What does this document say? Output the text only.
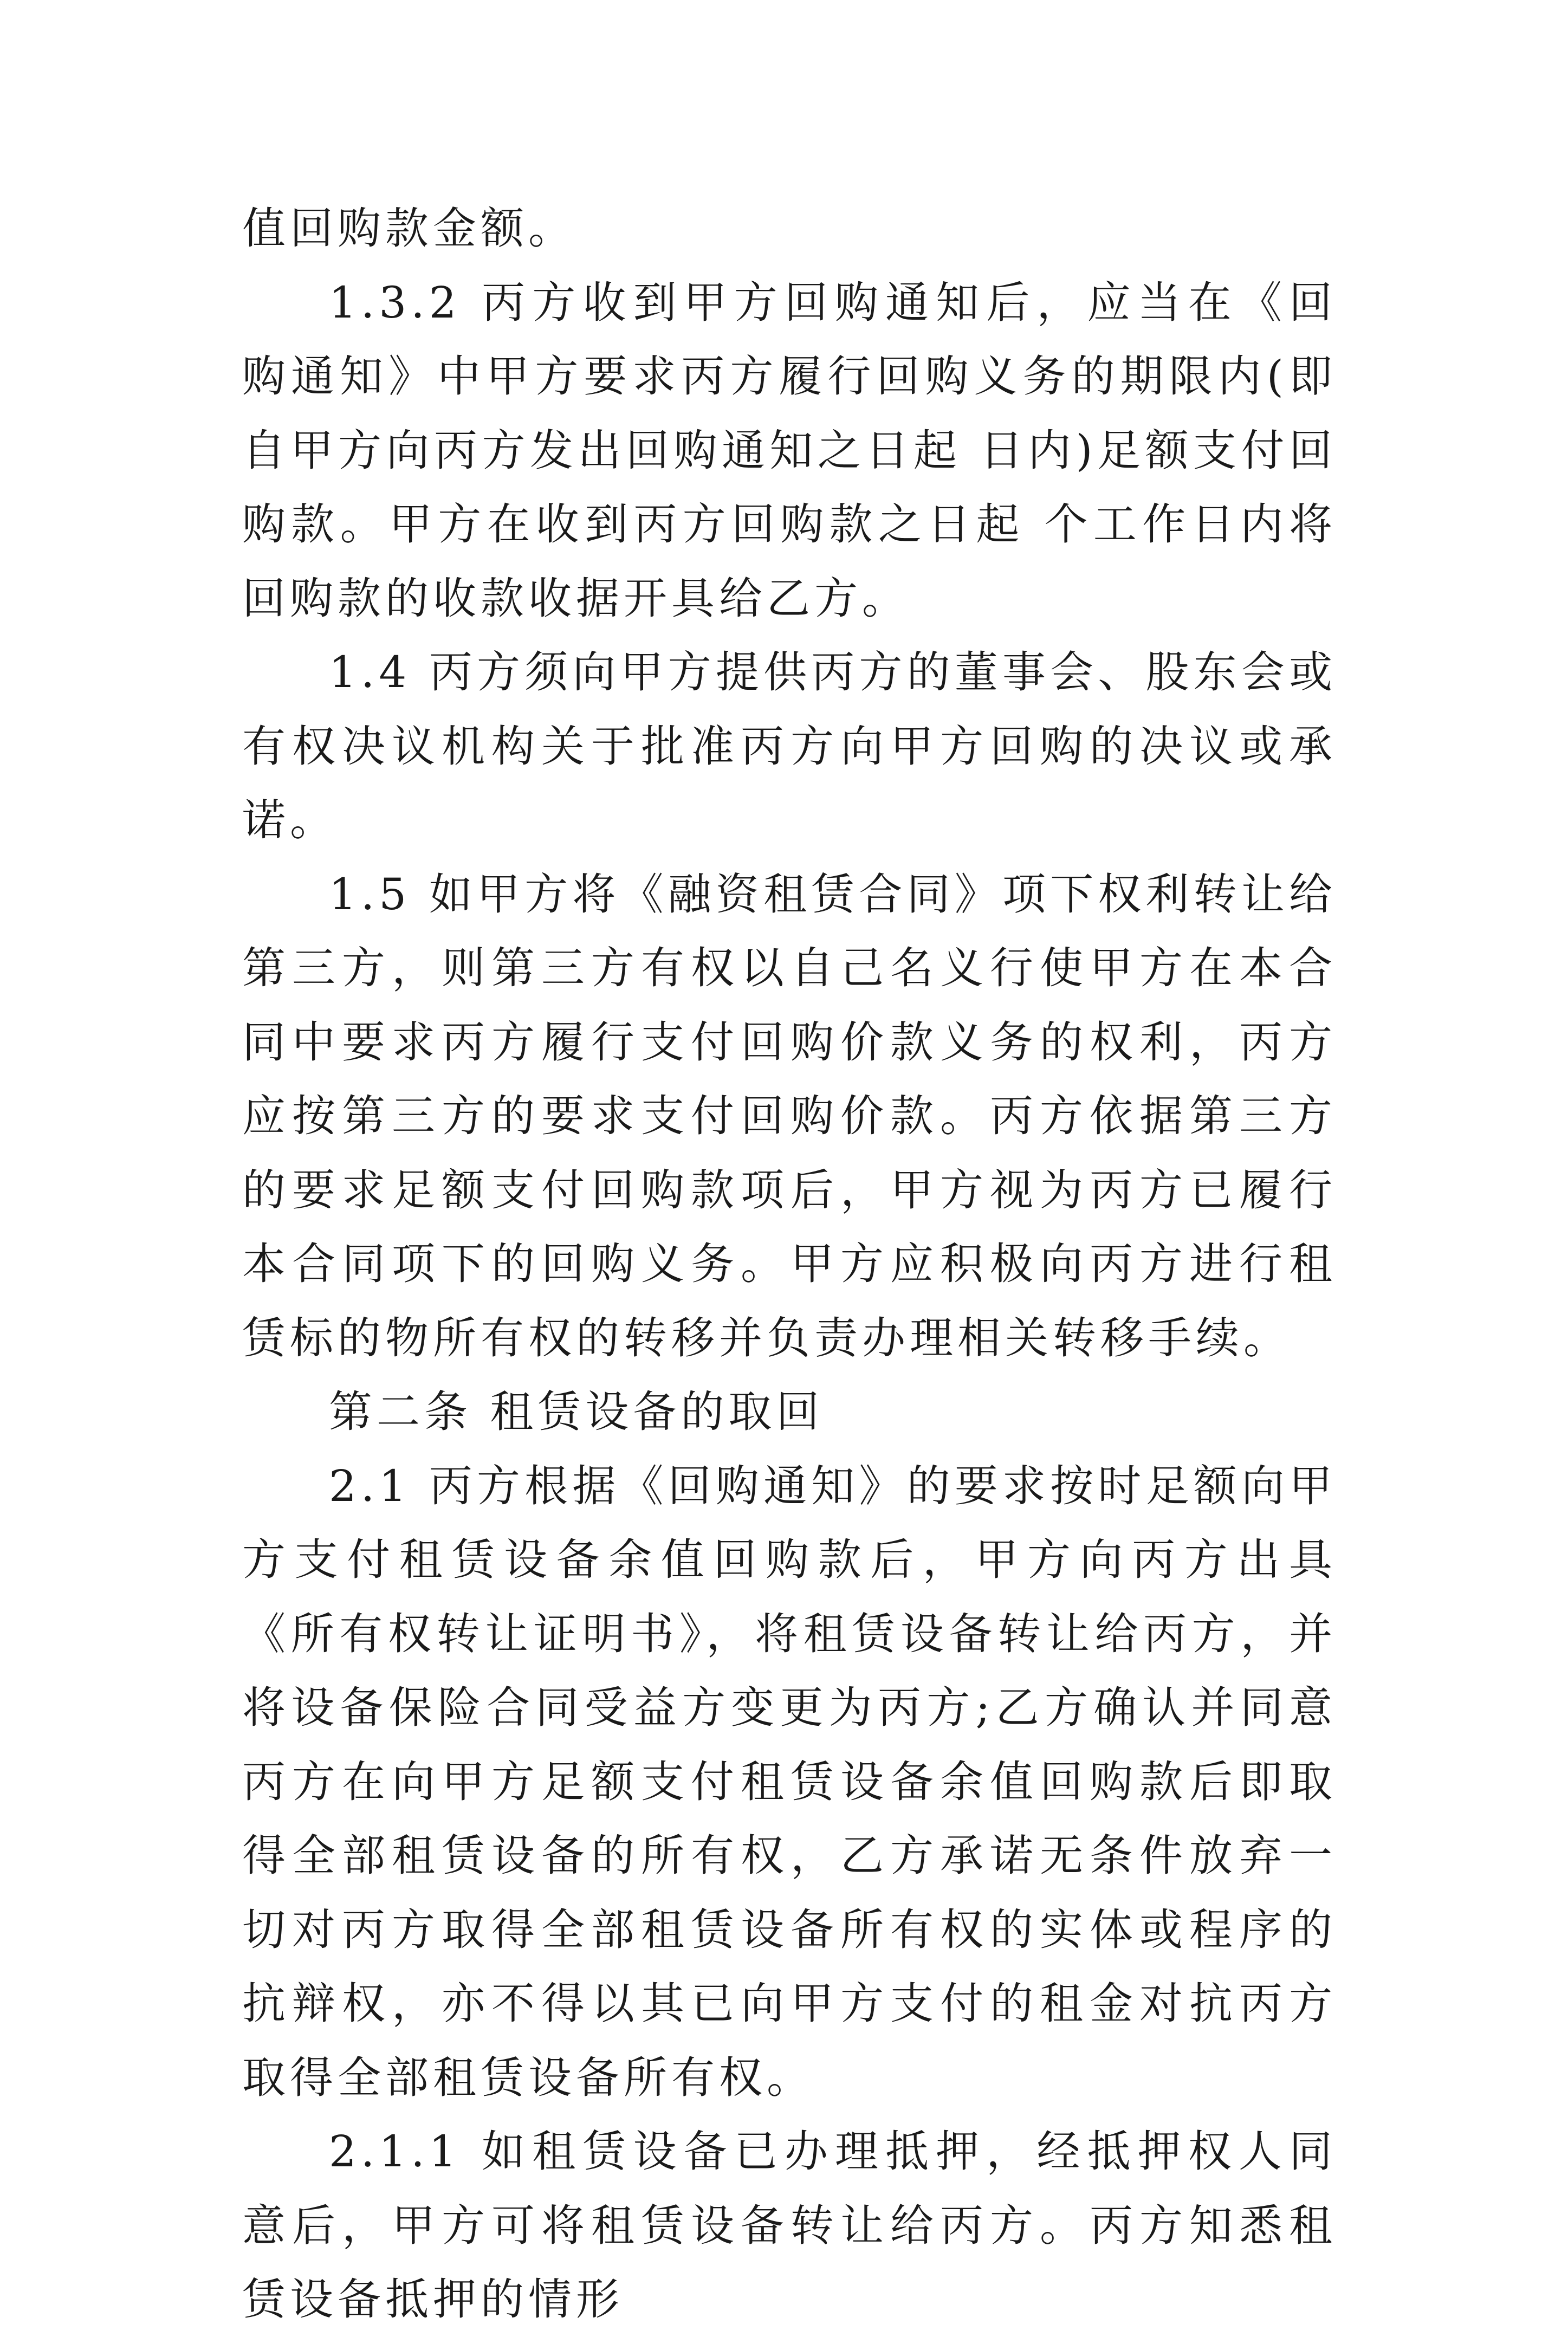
值回购款金额。

1.3.2 丙方收到甲方回购通知后，应当在《回购通知》中甲方要求丙方履行回购义务的期限内(即自甲方向丙方发出回购通知之日起 日内)足额支付回购款。甲方在收到丙方回购款之日起 个工作日内将回购款的收款收据开具给乙方。

1.4 丙方须向甲方提供丙方的董事会、股东会或有权决议机构关于批准丙方向甲方回购的决议或承诺。

1.5 如甲方将《融资租赁合同》项下权利转让给第三方，则第三方有权以自己名义行使甲方在本合同中要求丙方履行支付回购价款义务的权利，丙方应按第三方的要求支付回购价款。丙方依据第三方的要求足额支付回购款项后，甲方视为丙方已履行本合同项下的回购义务。甲方应积极向丙方进行租赁标的物所有权的转移并负责办理相关转移手续。

第二条 租赁设备的取回

2.1 丙方根据《回购通知》的要求按时足额向甲方支付租赁设备余值回购款后，甲方向丙方出具《所有权转让证明书》，将租赁设备转让给丙方，并将设备保险合同受益方变更为丙方;乙方确认并同意丙方在向甲方足额支付租赁设备余值回购款后即取得全部租赁设备的所有权，乙方承诺无条件放弃一切对丙方取得全部租赁设备所有权的实体或程序的抗辩权，亦不得以其已向甲方支付的租金对抗丙方取得全部租赁设备所有权。

2.1.1 如租赁设备已办理抵押，经抵押权人同意后，甲方可将租赁设备转让给丙方。丙方知悉租赁设备抵押的情形
